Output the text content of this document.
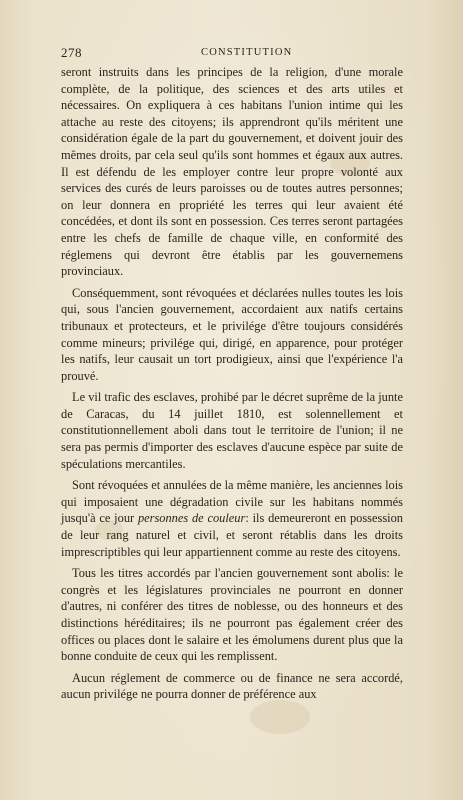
278	CONSTITUTION

seront instruits dans les principes de la religion, d'une morale complète, de la politique, des sciences et des arts utiles et nécessaires. On expliquera à ces habitans l'union intime qui les attache au reste des citoyens; ils apprendront qu'ils méritent une considération égale de la part du gouvernement, et doivent jouir des mêmes droits, par cela seul qu'ils sont hommes et égaux aux autres. Il est défendu de les employer contre leur propre volonté aux services des curés de leurs paroisses ou de toutes autres personnes; on leur donnera en propriété les terres qui leur avaient été concédées, et dont ils sont en possession. Ces terres seront partagées entre les chefs de famille de chaque ville, en conformité des réglemens qui devront être établis par les gouvernemens provinciaux.

Conséquemment, sont révoquées et déclarées nulles toutes les lois qui, sous l'ancien gouvernement, accordaient aux natifs certains tribunaux et protecteurs, et le privilége d'être toujours considérés comme mineurs; privilége qui, dirigé, en apparence, pour protéger les natifs, leur causait un tort prodigieux, ainsi que l'expérience l'a prouvé.

Le vil trafic des esclaves, prohibé par le décret suprême de la junte de Caracas, du 14 juillet 1810, est solennellement et constitutionnellement aboli dans tout le territoire de l'union; il ne sera pas permis d'importer des esclaves d'aucune espèce par suite de spéculations mercantiles.

Sont révoquées et annulées de la même manière, les anciennes lois qui imposaient une dégradation civile sur les habitans nommés jusqu'à ce jour personnes de couleur: ils demeureront en possession de leur rang naturel et civil, et seront rétablis dans les droits imprescriptibles qui leur appartiennent comme au reste des citoyens.

Tous les titres accordés par l'ancien gouvernement sont abolis: le congrès et les législatures provinciales ne pourront en donner d'autres, ni conférer des titres de noblesse, ou des honneurs et des distinctions héréditaires; ils ne pourront pas également créer des offices ou places dont le salaire et les émolumens durent plus que la bonne conduite de ceux qui les remplissent.

Aucun réglement de commerce ou de finance ne sera accordé, aucun privilége ne pourra donner de préférence aux
